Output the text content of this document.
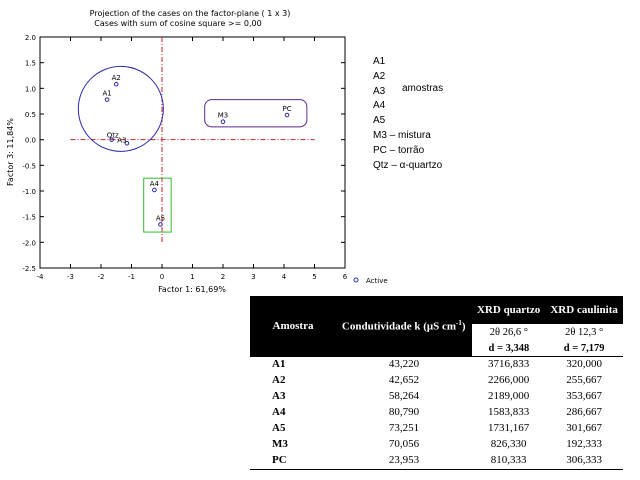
Projection of the cases on the factor-plane ( 1 x 3)
Cases with sum of cosine square >= 0,00
-4	-3	-2	-1	0	1	2	3	4	5	6
2.0
1.5
1.0
0.5
0.0
-0.5
-1.0
-1.5
-2.0
-2.5
A1
A2
A3
A4
A5
M3
PC
Qtz
Factor 1: 61,69%
Factor 3: 11,84%
Active
A1
A2
A3
A4
A5
M3 – mistura
PC – torrão
Qtz – α-quartzo
amostras
Amostra	Condutividade k (μS $cm^{-1}$)	XRD quartzo	XRD caulinita
		2θ 26,6 °	2θ 12,3 °
		d = 3,348	d = 7,179
A1	43,220	3716,833	320,000
A2	42,652	2266,000	255,667
A3	58,264	2189,000	353,667
A4	80,790	1583,833	286,667
A5	73,251	1731,167	301,667
M3	70,056	826,330	192,333
PC	23,953	810,333	306,333
